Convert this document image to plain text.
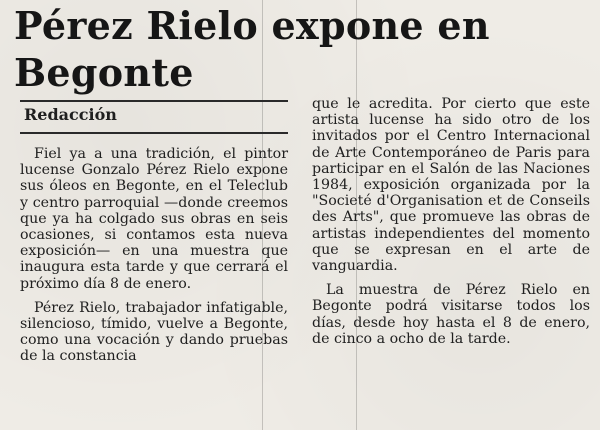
Pérez Rielo expone en Begonte
Redacción

Fiel ya a una tradición, el pintor lucense Gonzalo Pérez Rielo expone sus óleos en Begonte, en el Teleclub y centro parroquial —donde creemos que ya ha colgado sus obras en seis ocasiones, si contamos esta nueva exposición— en una muestra que inaugura esta tarde y que cerrará el próximo día 8 de enero.

Pérez Rielo, trabajador infatigable, silencioso, tímido, vuelve a Begonte, como una vocación y dando pruebas de la constancia

que le acredita. Por cierto que este artista lucense ha sido otro de los invitados por el Centro Internacional de Arte Contemporáneo de Paris para participar en el Salón de las Naciones 1984, exposición organizada por la "Societé d'Organisation et de Conseils des Arts", que promueve las obras de artistas independientes del momento que se expresan en el arte de vanguardia.

La muestra de Pérez Rielo en Begonte podrá visitarse todos los días, desde hoy hasta el 8 de enero, de cinco a ocho de la tarde.
